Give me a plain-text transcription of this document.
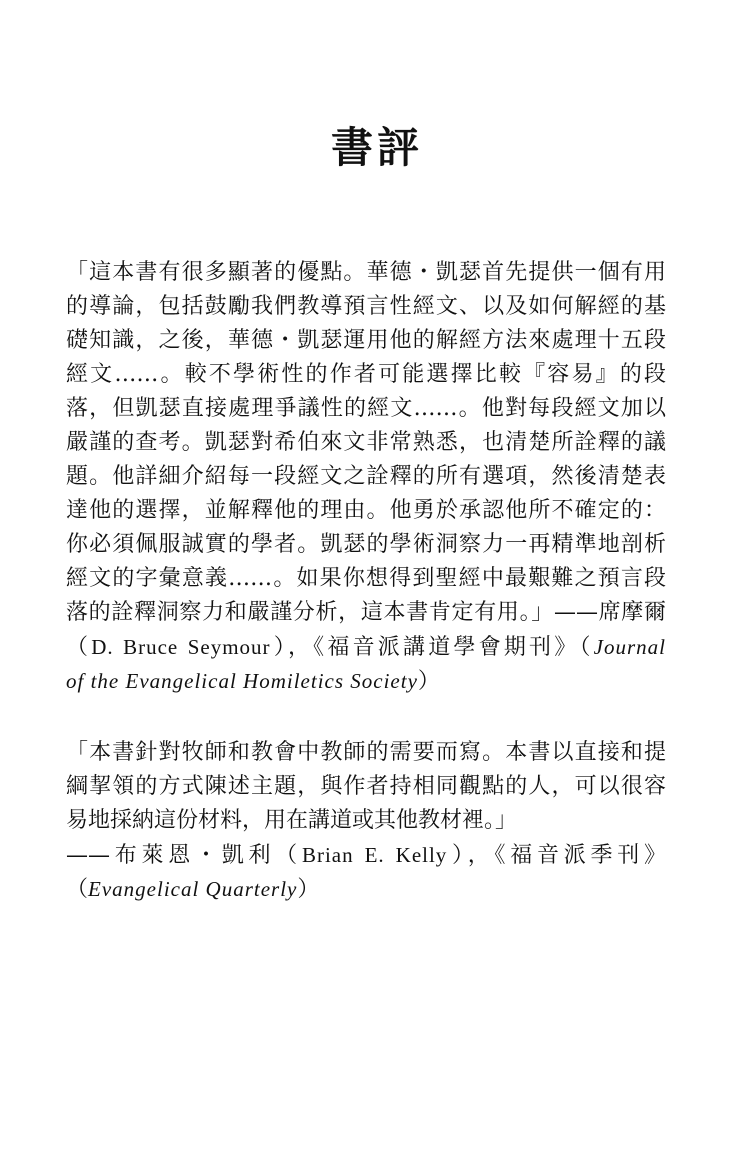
書評
「這本書有很多顯著的優點。華德・凱瑟首先提供一個有用
的導論，包括鼓勵我們教導預言性經文、以及如何解經的基
礎知識，之後，華德・凱瑟運用他的解經方法來處理十五段
經文……。較不學術性的作者可能選擇比較『容易』的段
落，但凱瑟直接處理爭議性的經文……。他對每段經文加以
嚴謹的查考。凱瑟對希伯來文非常熟悉，也清楚所詮釋的議
題。他詳細介紹每一段經文之詮釋的所有選項，然後清楚表
達他的選擇，並解釋他的理由。他勇於承認他所不確定的：
你必須佩服誠實的學者。凱瑟的學術洞察力一再精準地剖析
經文的字彙意義……。如果你想得到聖經中最艱難之預言段
落的詮釋洞察力和嚴謹分析，這本書肯定有用。」——席摩爾
（D. Bruce Seymour），《福音派講道學會期刊》（Journal
of the Evangelical Homiletics Society）
「本書針對牧師和教會中教師的需要而寫。本書以直接和提
綱挈領的方式陳述主題，與作者持相同觀點的人，可以很容
易地採納這份材料，用在講道或其他教材裡。」
——布萊恩・凱利（Brian E. Kelly），《福音派季刊》
（Evangelical Quarterly）
